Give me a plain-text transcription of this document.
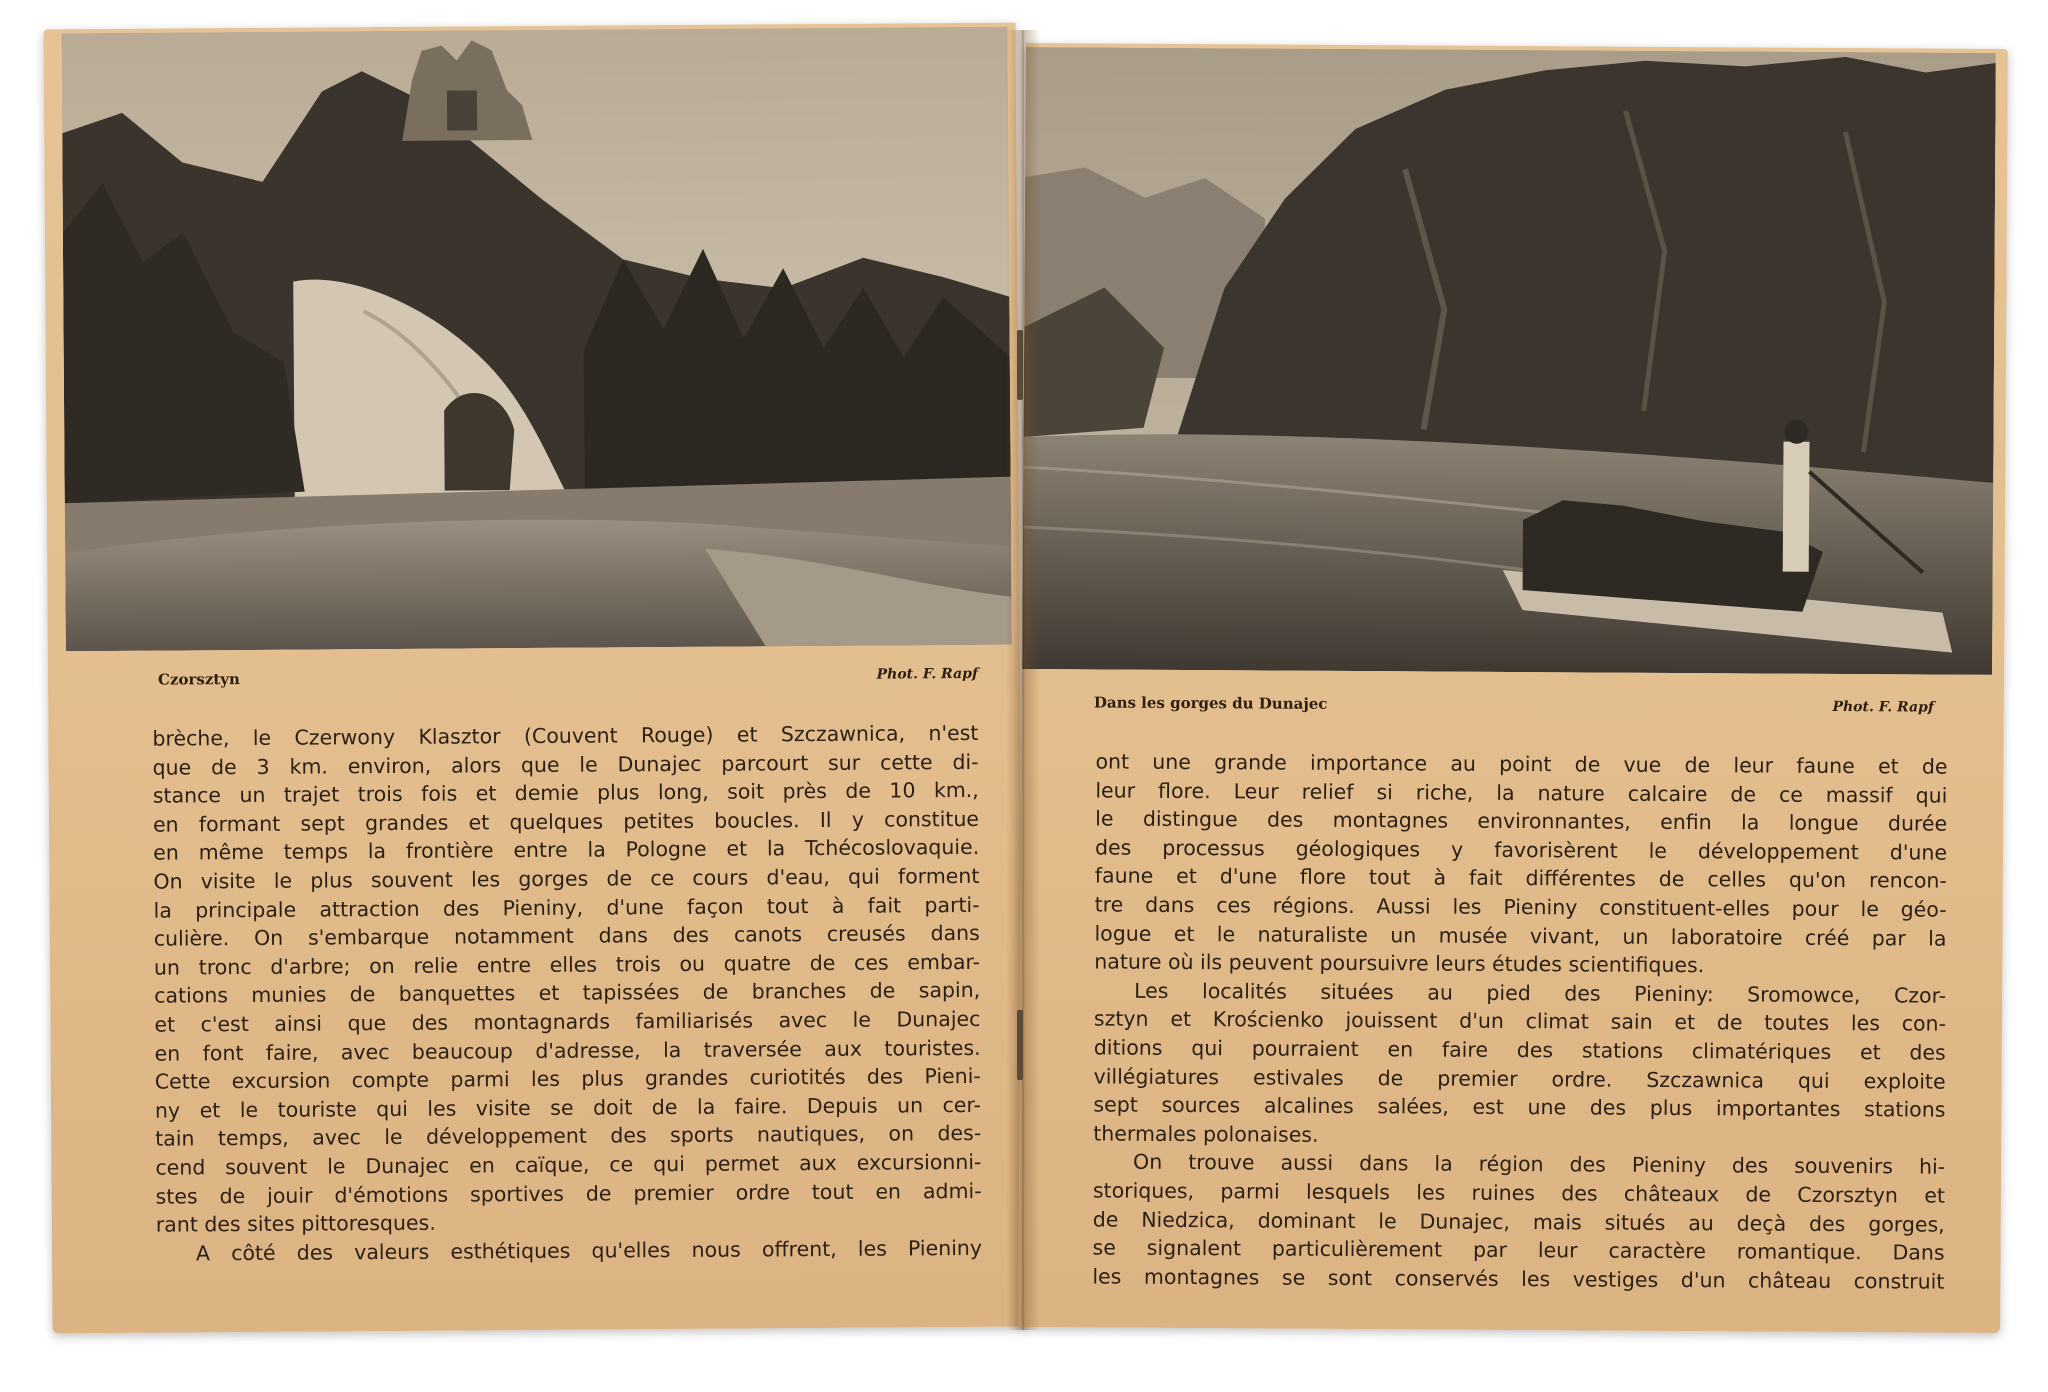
Czorsztyn	Phot. F. Rapf
brèche, le Czerwony Klasztor (Couvent Rouge) et Szczawnica, n'est
que de 3 km. environ, alors que le Dunajec parcourt sur cette di-
stance un trajet trois fois et demie plus long, soit près de 10 km.,
en formant sept grandes et quelques petites boucles. Il y constitue
en même temps la frontière entre la Pologne et la Tchécoslovaquie.
On visite le plus souvent les gorges de ce cours d'eau, qui forment
la principale attraction des Pieniny, d'une façon tout à fait parti-
culière. On s'embarque notamment dans des canots creusés dans
un tronc d'arbre; on relie entre elles trois ou quatre de ces embar-
cations munies de banquettes et tapissées de branches de sapin,
et c'est ainsi que des montagnards familiarisés avec le Dunajec
en font faire, avec beaucoup d'adresse, la traversée aux touristes.
Cette excursion compte parmi les plus grandes curiotités des Pieni-
ny et le touriste qui les visite se doit de la faire. Depuis un cer-
tain temps, avec le développement des sports nautiques, on des-
cend souvent le Dunajec en caïque, ce qui permet aux excursionni-
stes de jouir d'émotions sportives de premier ordre tout en admi-
rant des sites pittoresques.
A côté des valeurs esthétiques qu'elles nous offrent, les Pieniny
Dans les gorges du Dunajec	Phot. F. Rapf
ont une grande importance au point de vue de leur faune et de
leur flore. Leur relief si riche, la nature calcaire de ce massif qui
le distingue des montagnes environnantes, enfin la longue durée
des processus géologiques y favorisèrent le développement d'une
faune et d'une flore tout à fait différentes de celles qu'on rencon-
tre dans ces régions. Aussi les Pieniny constituent-elles pour le géo-
logue et le naturaliste un musée vivant, un laboratoire créé par la
nature où ils peuvent poursuivre leurs études scientifiques.
Les localités situées au pied des Pieniny: Sromowce, Czor-
sztyn et Krościenko jouissent d'un climat sain et de toutes les con-
ditions qui pourraient en faire des stations climatériques et des
villégiatures estivales de premier ordre. Szczawnica qui exploite
sept sources alcalines salées, est une des plus importantes stations
thermales polonaises.
On trouve aussi dans la région des Pieniny des souvenirs hi-
storiques, parmi lesquels les ruines des châteaux de Czorsztyn et
de Niedzica, dominant le Dunajec, mais situés au deçà des gorges,
se signalent particulièrement par leur caractère romantique. Dans
les montagnes se sont conservés les vestiges d'un château construit
